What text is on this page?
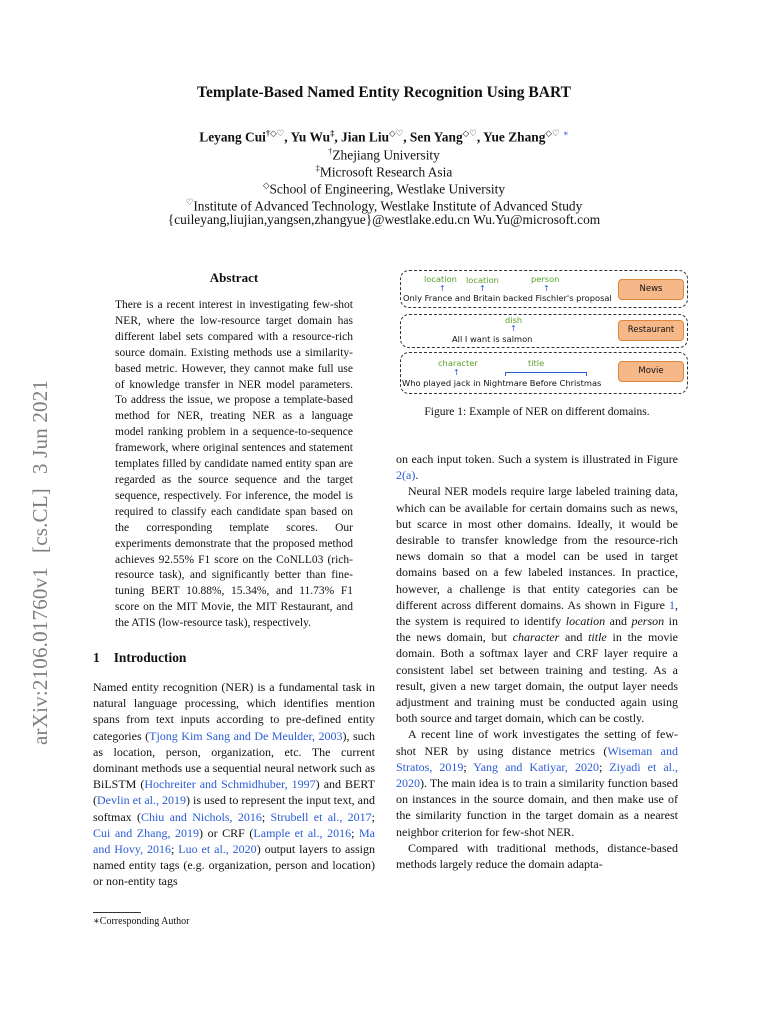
Template-Based Named Entity Recognition Using BART
Leyang Cui†◇♡, Yu Wu‡, Jian Liu◇♡, Sen Yang◇♡, Yue Zhang◇♡ ∗
†Zhejiang University
‡Microsoft Research Asia
◇School of Engineering, Westlake University
♡Institute of Advanced Technology, Westlake Institute of Advanced Study
{cuileyang,liujian,yangsen,zhangyue}@westlake.edu.cn Wu.Yu@microsoft.com
arXiv:2106.01760v1[cs.CL]3 Jun 2021
Abstract
There is a recent interest in investigating few-shot NER, where the low-resource target domain has different label sets compared with a resource-rich source domain. Existing methods use a similarity-based metric. However, they cannot make full use of knowledge transfer in NER model parameters. To address the issue, we propose a template-based method for NER, treating NER as a language model ranking problem in a sequence-to-sequence framework, where original sentences and statement templates filled by candidate named entity span are regarded as the source sequence and the target sequence, respectively. For inference, the model is required to classify each candidate span based on the corresponding template scores. Our experiments demonstrate that the proposed method achieves 92.55% F1 score on the CoNLL03 (rich-resource task), and significantly better than fine-tuning BERT 10.88%, 15.34%, and 11.73% F1 score on the MIT Movie, the MIT Restaurant, and the ATIS (low-resource task), respectively.
1 Introduction

Named entity recognition (NER) is a fundamental task in natural language processing, which identifies mention spans from text inputs according to pre-defined entity categories (Tjong Kim Sang and De Meulder, 2003), such as location, person, organization, etc. The current dominant methods use a sequential neural network such as BiLSTM (Hochreiter and Schmidhuber, 1997) and BERT (Devlin et al., 2019) is used to represent the input text, and softmax (Chiu and Nichols, 2016; Strubell et al., 2017; Cui and Zhang, 2019) or CRF (Lample et al., 2016; Ma and Hovy, 2016; Luo et al., 2020) output layers to assign named entity tags (e.g. organization, person and location) or non-entity tags

∗Corresponding Author
location location	person
↑	↑	↑
Only France and Britain backed Fischler's proposal
News
dish
↑
All I want is salmon
Restaurant
character	title
↑
Who played jack in Nightmare Before Christmas
Movie
Figure 1: Example of NER on different domains.

on each input token. Such a system is illustrated in Figure 2(a).

Neural NER models require large labeled training data, which can be available for certain domains such as news, but scarce in most other domains. Ideally, it would be desirable to transfer knowledge from the resource-rich news domain so that a model can be used in target domains based on a few labeled instances. In practice, however, a challenge is that entity categories can be different across different domains. As shown in Figure 1, the system is required to identify location and person in the news domain, but character and title in the movie domain. Both a softmax layer and CRF layer require a consistent label set between training and testing. As a result, given a new target domain, the output layer needs adjustment and training must be conducted again using both source and target domain, which can be costly.

A recent line of work investigates the setting of few-shot NER by using distance metrics (Wiseman and Stratos, 2019; Yang and Katiyar, 2020; Ziyadi et al., 2020). The main idea is to train a similarity function based on instances in the source domain, and then make use of the similarity function in the target domain as a nearest neighbor criterion for few-shot NER.

Compared with traditional methods, distance-based methods largely reduce the domain adapta-
